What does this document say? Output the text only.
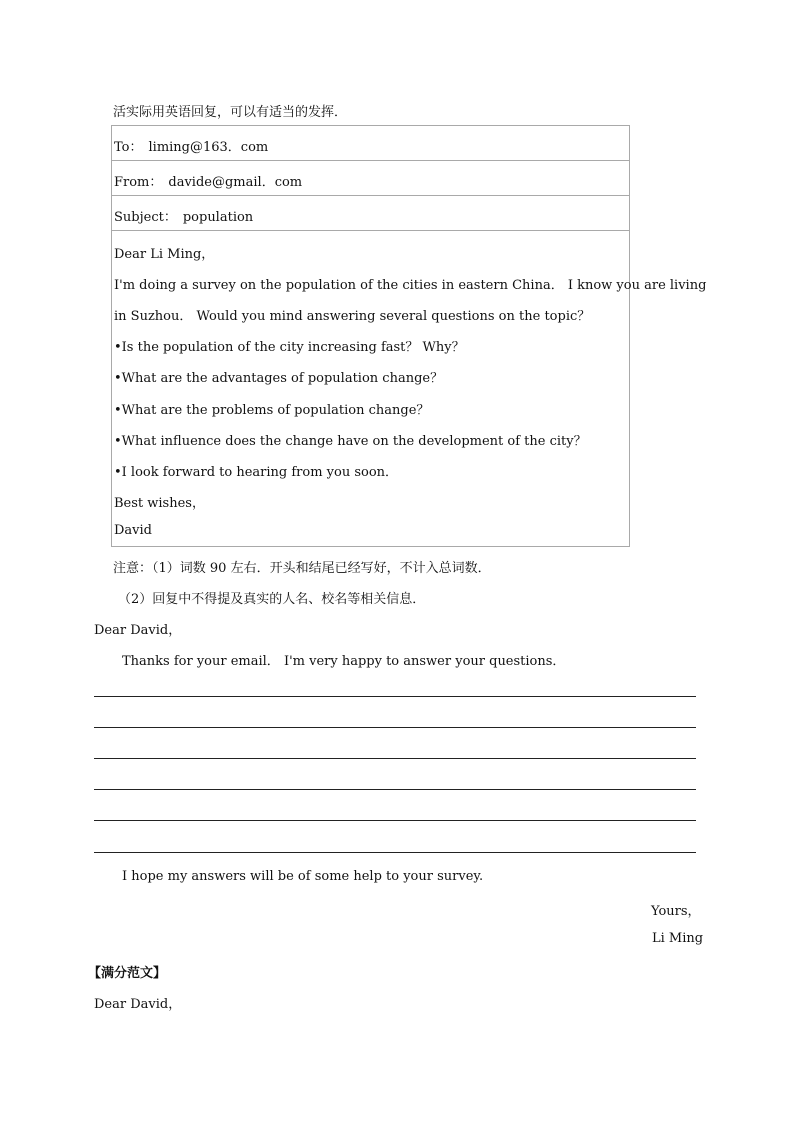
活实际用英语回复，可以有适当的发挥．
To： liming@163．com
From： davide@gmail．com
Subject： population
Dear Li Ming，
I'm doing a survey on the population of the cities in eastern China． I know you are living
in Suzhou． Would you mind answering several questions on the topic？
•Is the population of the city increasing fast？ Why？
•What are the advantages of population change？
•What are the problems of population change？
•What influence does the change have on the development of the city？
•I look forward to hearing from you soon．
Best wishes，
David
注意：（1）词数 90 左右．开头和结尾已经写好，不计入总词数．
（2）回复中不得提及真实的人名、校名等相关信息．
Dear David，
Thanks for your email． I'm very happy to answer your questions．
I hope my answers will be of some help to your survey.
Yours，
Li Ming
【满分范文】
Dear David，
